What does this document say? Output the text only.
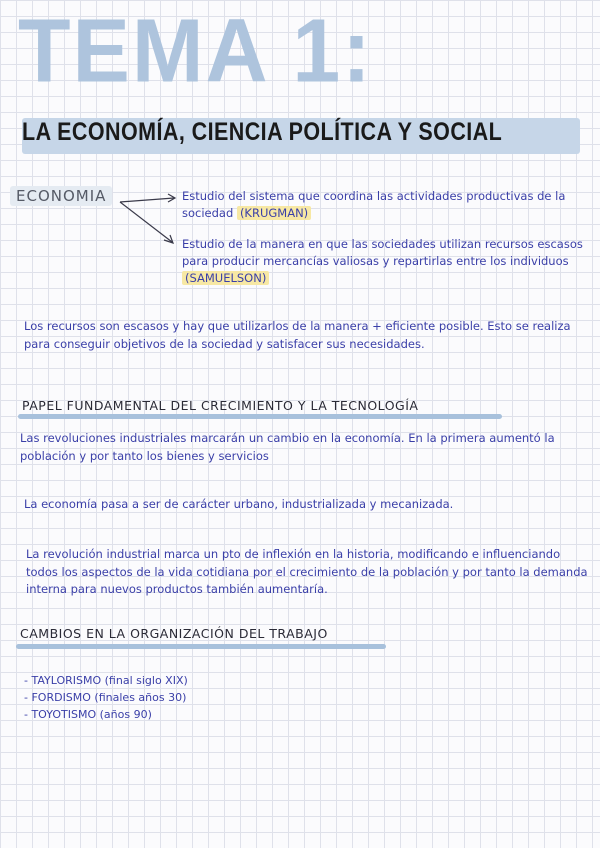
TEMA 1:
LA ECONOMÍA, CIENCIA POLÍTICA Y SOCIAL
ECONOMIA	Estudio del sistema que coordina las actividades productivas de la sociedad (KRUGMAN)
Estudio de la manera en que las sociedades utilizan recursos escasos para producir mercancías valiosas y repartirlas entre los individuos (SAMUELSON)
Los recursos son escasos y hay que utilizarlos de la manera + eficiente posible. Esto se realiza para conseguir objetivos de la sociedad y satisfacer sus necesidades.
PAPEL FUNDAMENTAL DEL CRECIMIENTO Y LA TECNOLOGÍA
Las revoluciones industriales marcarán un cambio en la economía. En la primera aumentó la población y por tanto los bienes y servicios
La economía pasa a ser de carácter urbano, industrializada y mecanizada.
La revolución industrial marca un pto de inflexión en la historia, modificando e influenciando todos los aspectos de la vida cotidiana por el crecimiento de la población y por tanto la demanda interna para nuevos productos también aumentaría.
CAMBIOS EN LA ORGANIZACIÓN DEL TRABAJO
- TAYLORISMO (final siglo XIX)
- FORDISMO (finales años 30)
- TOYOTISMO (años 90)
